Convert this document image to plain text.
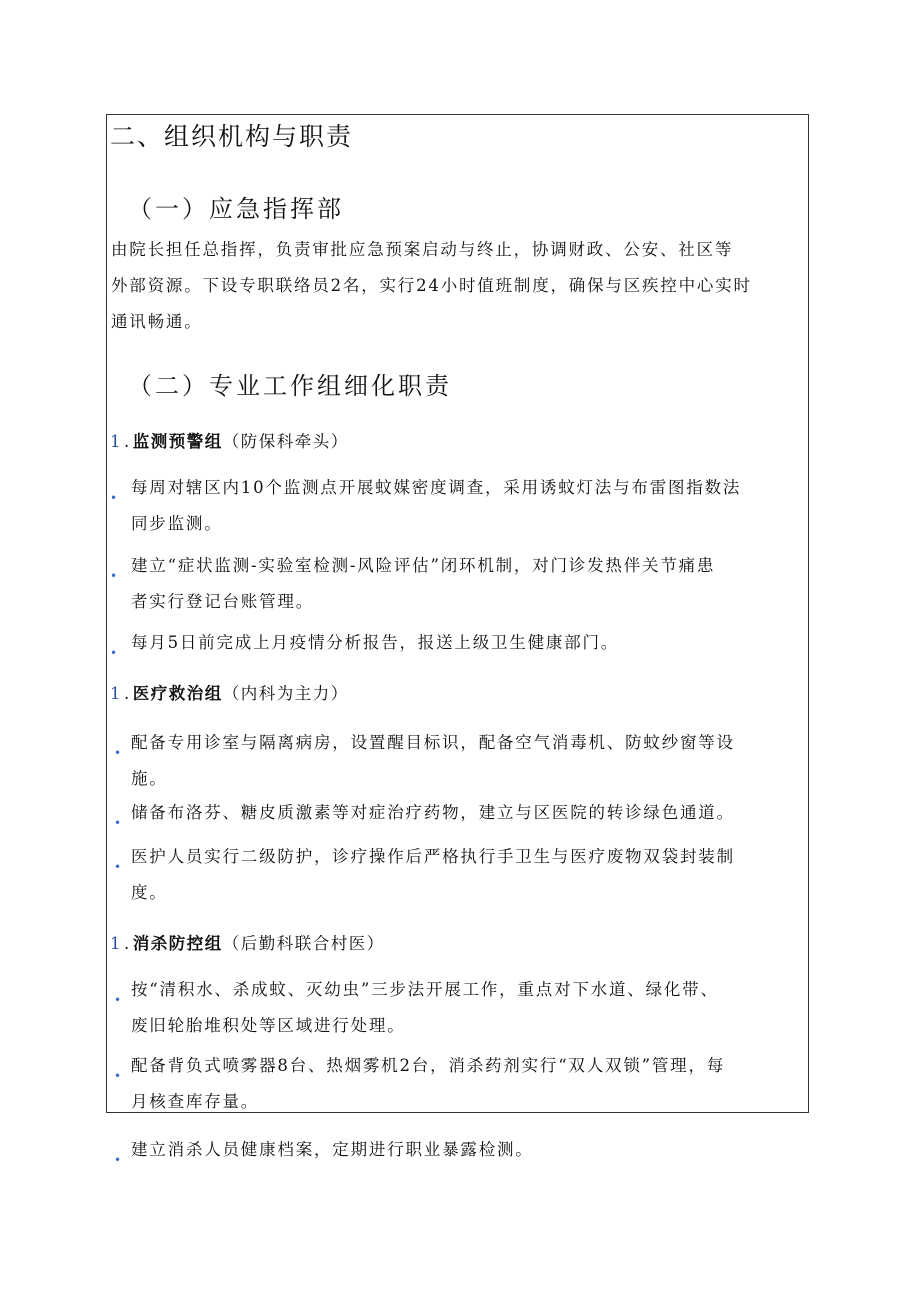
二、组织机构与职责
（一）应急指挥部
由院长担任总指挥，负责审批应急预案启动与终止，协调财政、公安、社区等
外部资源。下设专职联络员2名，实行24小时值班制度，确保与区疾控中心实时
通讯畅通。
（二）专业工作组细化职责
1 . 监测预警组（防保科牵头）
•
每周对辖区内10个监测点开展蚊媒密度调查，采用诱蚊灯法与布雷图指数法
同步监测。
•
建立“症状监测-实验室检测-风险评估”闭环机制，对门诊发热伴关节痛患
者实行登记台账管理。
•
每月5日前完成上月疫情分析报告，报送上级卫生健康部门。
1 . 医疗救治组（内科为主力）
•
配备专用诊室与隔离病房，设置醒目标识，配备空气消毒机、防蚊纱窗等设
施。
•
储备布洛芬、糖皮质激素等对症治疗药物，建立与区医院的转诊绿色通道。
•
医护人员实行二级防护，诊疗操作后严格执行手卫生与医疗废物双袋封装制
度。
1 . 消杀防控组（后勤科联合村医）
•
按“清积水、杀成蚊、灭幼虫”三步法开展工作，重点对下水道、绿化带、
废旧轮胎堆积处等区域进行处理。
•
配备背负式喷雾器8台、热烟雾机2台，消杀药剂实行“双人双锁”管理，每
月核查库存量。
•
建立消杀人员健康档案，定期进行职业暴露检测。
